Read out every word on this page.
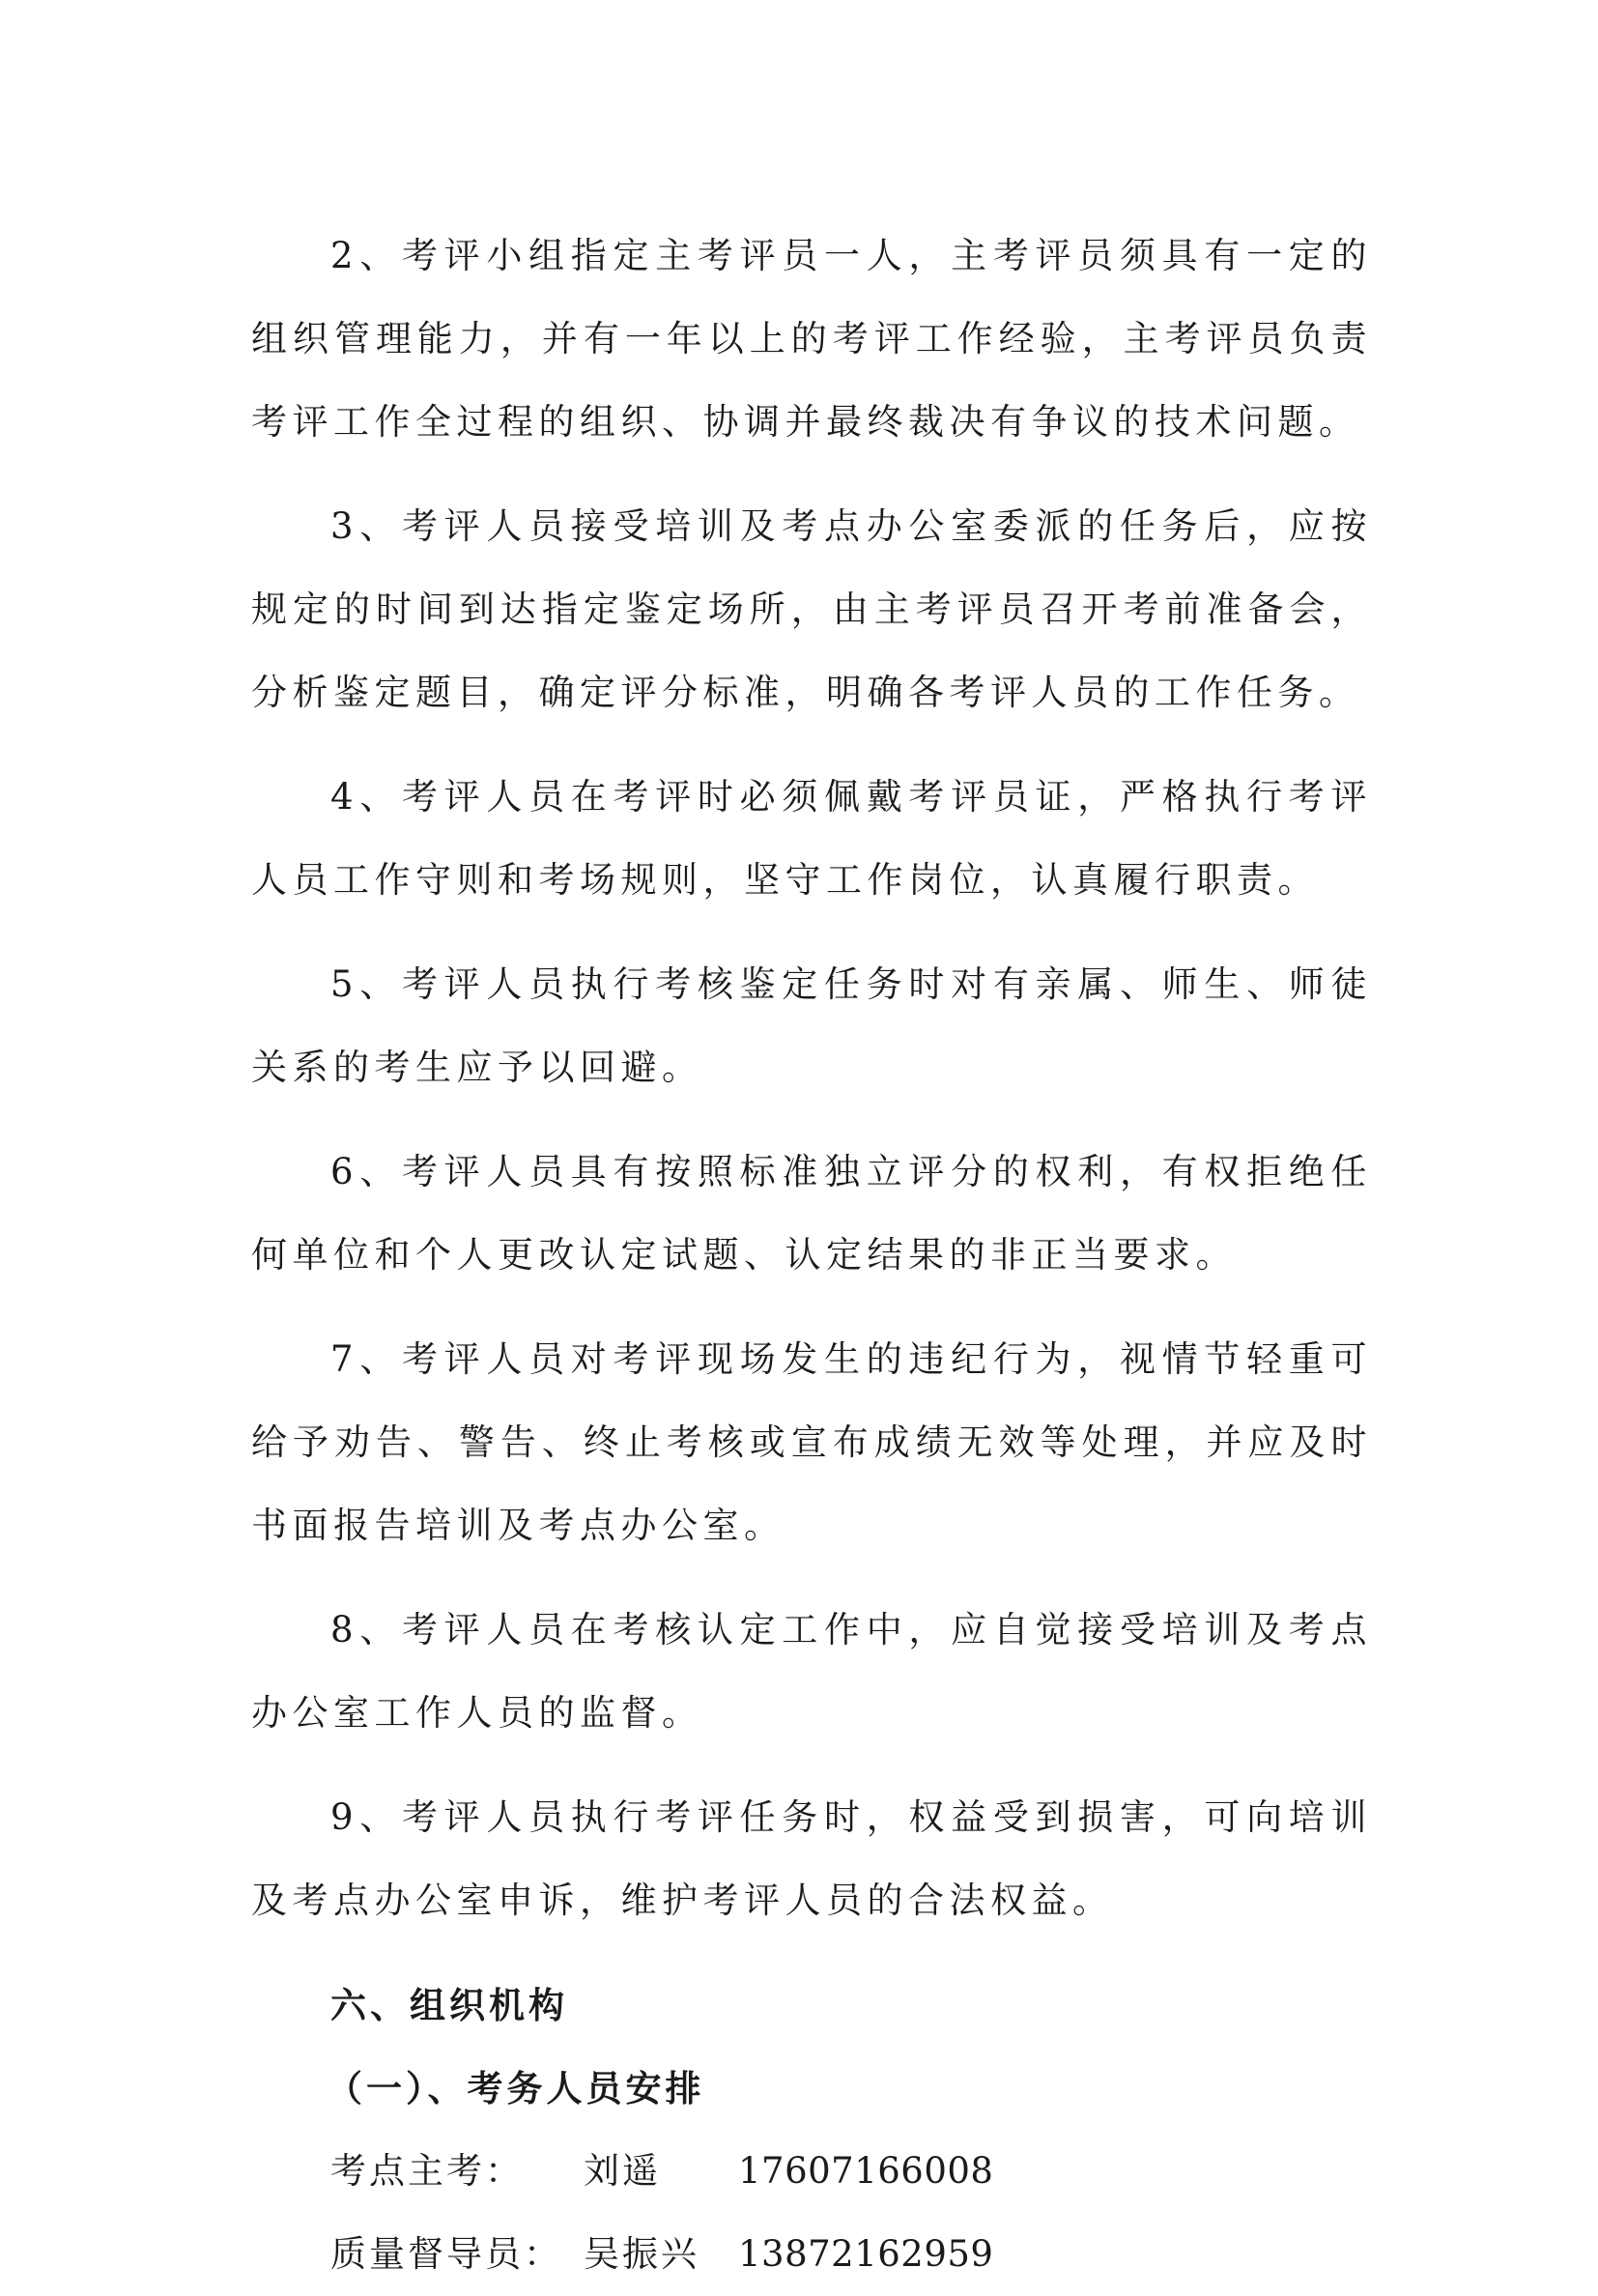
2、考评小组指定主考评员一人，主考评员须具有一定的组织管理能力，并有一年以上的考评工作经验，主考评员负责考评工作全过程的组织、协调并最终裁决有争议的技术问题。

3、考评人员接受培训及考点办公室委派的任务后，应按规定的时间到达指定鉴定场所，由主考评员召开考前准备会，分析鉴定题目，确定评分标准，明确各考评人员的工作任务。

4、考评人员在考评时必须佩戴考评员证，严格执行考评人员工作守则和考场规则，坚守工作岗位，认真履行职责。

5、考评人员执行考核鉴定任务时对有亲属、师生、师徒关系的考生应予以回避。

6、考评人员具有按照标准独立评分的权利，有权拒绝任何单位和个人更改认定试题、认定结果的非正当要求。

7、考评人员对考评现场发生的违纪行为，视情节轻重可给予劝告、警告、终止考核或宣布成绩无效等处理，并应及时书面报告培训及考点办公室。

8、考评人员在考核认定工作中，应自觉接受培训及考点办公室工作人员的监督。

9、考评人员执行考评任务时，权益受到损害，可向培训及考点办公室申诉，维护考评人员的合法权益。

六、组织机构

（一）、考务人员安排

考点主考： 刘遥 17607166008
质量督导员： 吴振兴 13872162959
